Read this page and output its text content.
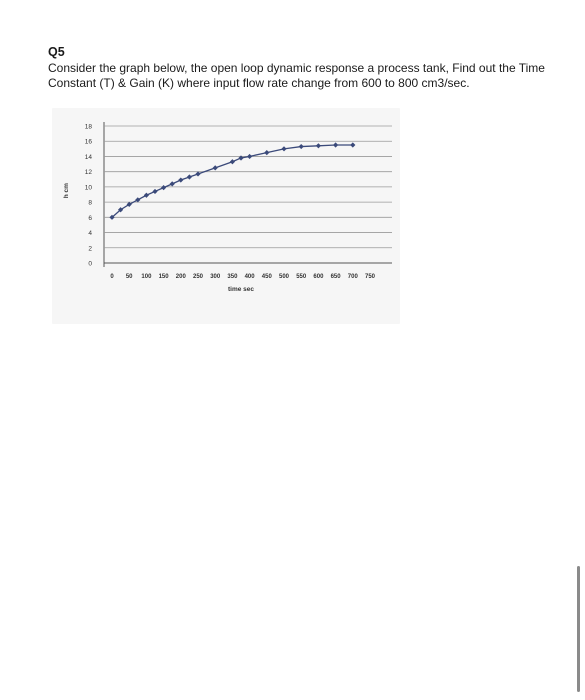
Q5
Consider the graph below, the open loop dynamic response a process tank, Find out the Time Constant (T) & Gain (K) where input flow rate change from 600 to 800 cm3/sec.
0
2
4
6
8
10
12
14
16
18
0 50 100 150 200 250 300 350 400 450 500 550 600 650 700 750
time sec
h cm
